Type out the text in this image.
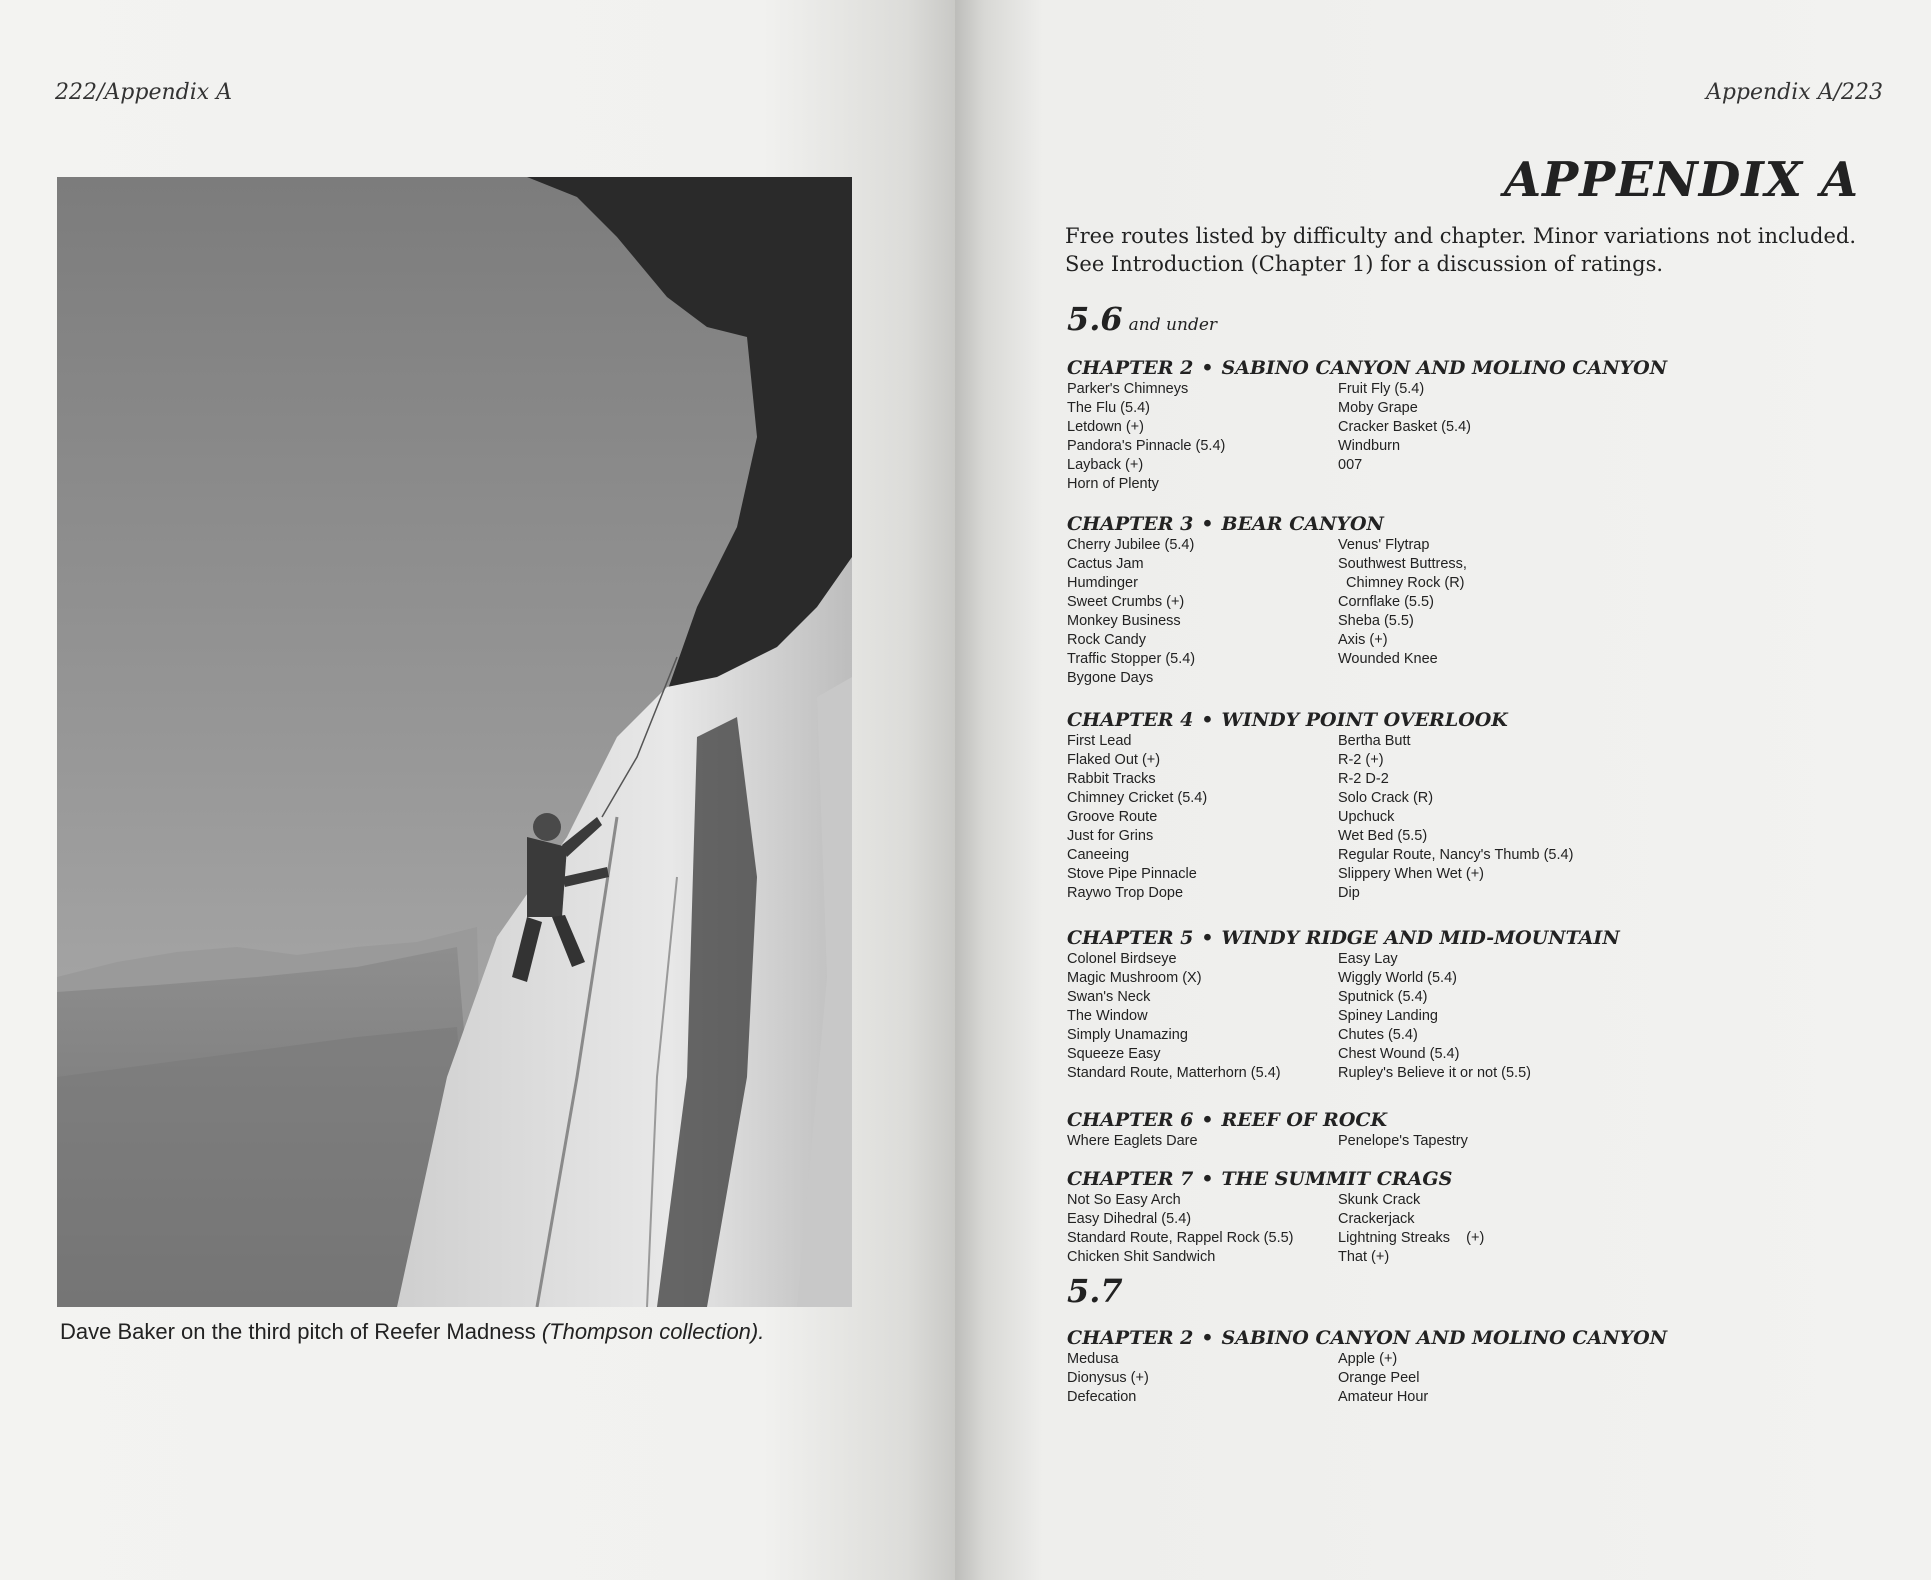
222/Appendix A
Dave Baker on the third pitch of Reefer Madness (Thompson collection).
Appendix A/223
APPENDIX A
Free routes listed by difficulty and chapter. Minor variations not included.
See Introduction (Chapter 1) for a discussion of ratings.
5.6 and under
CHAPTER 2 • SABINO CANYON AND MOLINO CANYON
Parker's Chimneys
The Flu (5.4)
Letdown (+)
Pandora's Pinnacle (5.4)
Layback (+)
Horn of Plenty
Fruit Fly (5.4)
Moby Grape
Cracker Basket (5.4)
Windburn
007
CHAPTER 3 • BEAR CANYON
Cherry Jubilee (5.4)
Cactus Jam
Humdinger
Sweet Crumbs (+)
Monkey Business
Rock Candy
Traffic Stopper (5.4)
Bygone Days
Venus' Flytrap
Southwest Buttress,
Chimney Rock (R)
Cornflake (5.5)
Sheba (5.5)
Axis (+)
Wounded Knee
CHAPTER 4 • WINDY POINT OVERLOOK
First Lead
Flaked Out (+)
Rabbit Tracks
Chimney Cricket (5.4)
Groove Route
Just for Grins
Caneeing
Stove Pipe Pinnacle
Raywo Trop Dope
Bertha Butt
R-2 (+)
R-2 D-2
Solo Crack (R)
Upchuck
Wet Bed (5.5)
Regular Route, Nancy's Thumb (5.4)
Slippery When Wet (+)
Dip
CHAPTER 5 • WINDY RIDGE AND MID-MOUNTAIN
Colonel Birdseye
Magic Mushroom (X)
Swan's Neck
The Window
Simply Unamazing
Squeeze Easy
Standard Route, Matterhorn (5.4)
Easy Lay
Wiggly World (5.4)
Sputnick (5.4)
Spiney Landing
Chutes (5.4)
Chest Wound (5.4)
Rupley's Believe it or not (5.5)
CHAPTER 6 • REEF OF ROCK
Where Eaglets Dare	Penelope's Tapestry
CHAPTER 7 • THE SUMMIT CRAGS
Not So Easy Arch
Easy Dihedral (5.4)
Standard Route, Rappel Rock (5.5)
Chicken Shit Sandwich
Skunk Crack
Crackerjack
Lightning Streaks    (+)
That (+)
5.7
CHAPTER 2 • SABINO CANYON AND MOLINO CANYON
Medusa
Dionysus (+)
Defecation
Apple (+)
Orange Peel
Amateur Hour
